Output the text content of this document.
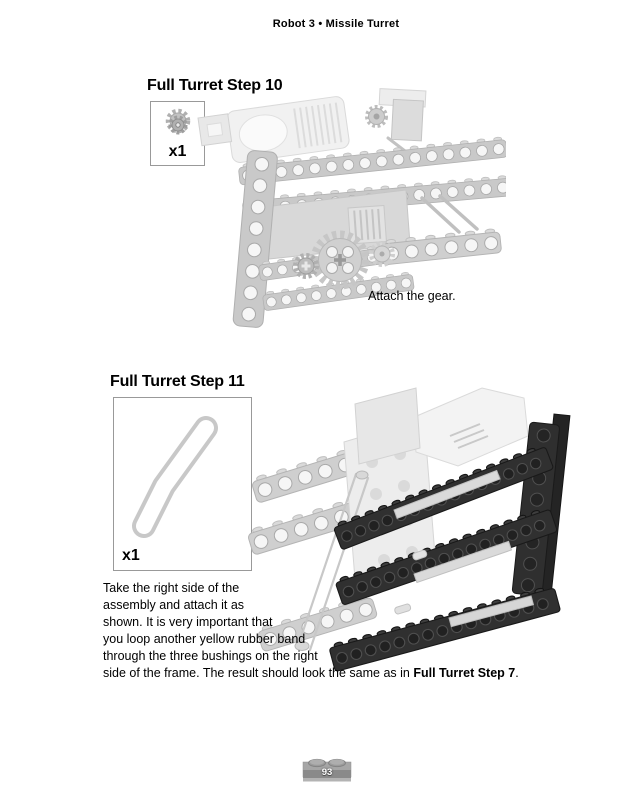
Robot 3 • Missile Turret
Full Turret Step 10
x1
Attach the gear.
Full Turret Step 11
x1
Take the right side of the
assembly and attach it as
shown. It is very important that
you loop another yellow rubber band
through the three bushings on the right
side of the frame. The result should look the same as in Full Turret Step 7.
93
